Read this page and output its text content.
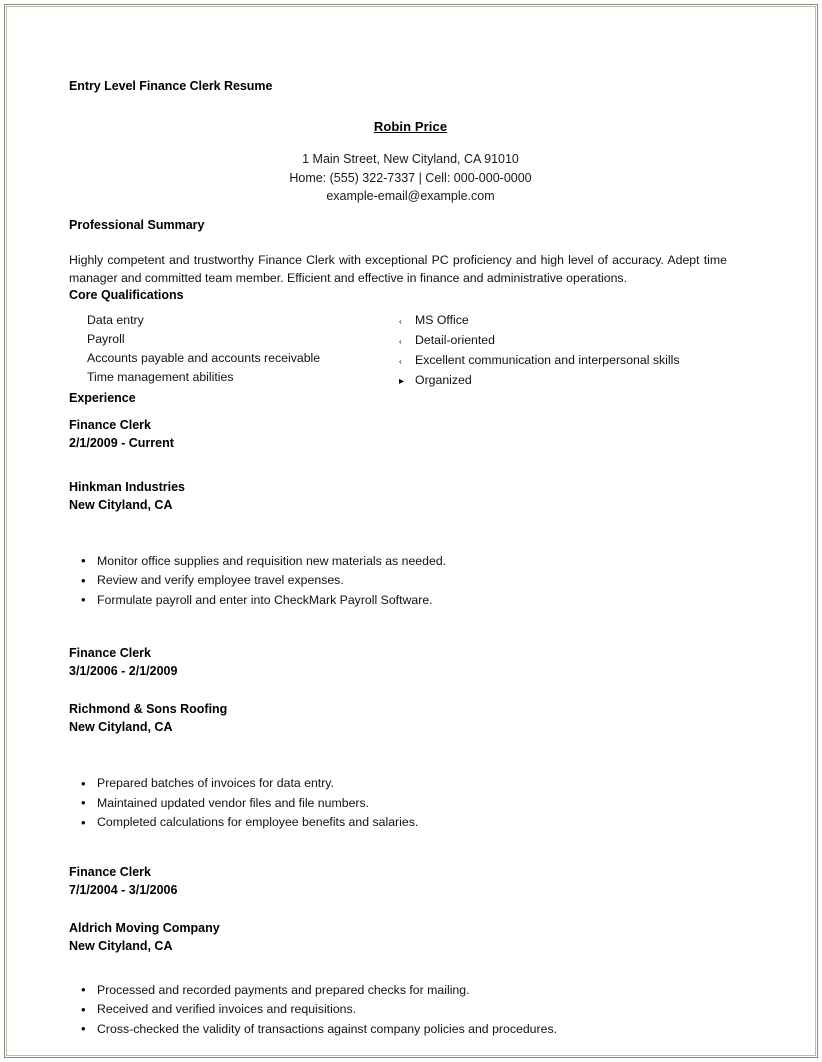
Entry Level Finance Clerk Resume
Robin Price
1 Main Street, New Cityland, CA 91010
Home: (555) 322-7337 | Cell: 000-000-0000
example-email@example.com
Professional Summary

Highly competent and trustworthy Finance Clerk with exceptional PC proficiency and high level of accuracy. Adept time manager and committed team member. Efficient and effective in finance and administrative operations.

Core Qualifications
Data entry
Payroll
Accounts payable and accounts receivable
Time management abilities
‹	MS Office
‹	Detail-oriented
‹	Excellent communication and interpersonal skills
▸ Organized
Experience
Finance Clerk
2/1/2009 - Current
Hinkman Industries
New Cityland, CA
• Monitor office supplies and requisition new materials as needed.
• Review and verify employee travel expenses.
• Formulate payroll and enter into CheckMark Payroll Software.
Finance Clerk
3/1/2006 - 2/1/2009
Richmond & Sons Roofing
New Cityland, CA
• Prepared batches of invoices for data entry.
• Maintained updated vendor files and file numbers.
• Completed calculations for employee benefits and salaries.
Finance Clerk
7/1/2004 - 3/1/2006
Aldrich Moving Company
New Cityland, CA
• Processed and recorded payments and prepared checks for mailing.
• Received and verified invoices and requisitions.
• Cross-checked the validity of transactions against company policies and procedures.
